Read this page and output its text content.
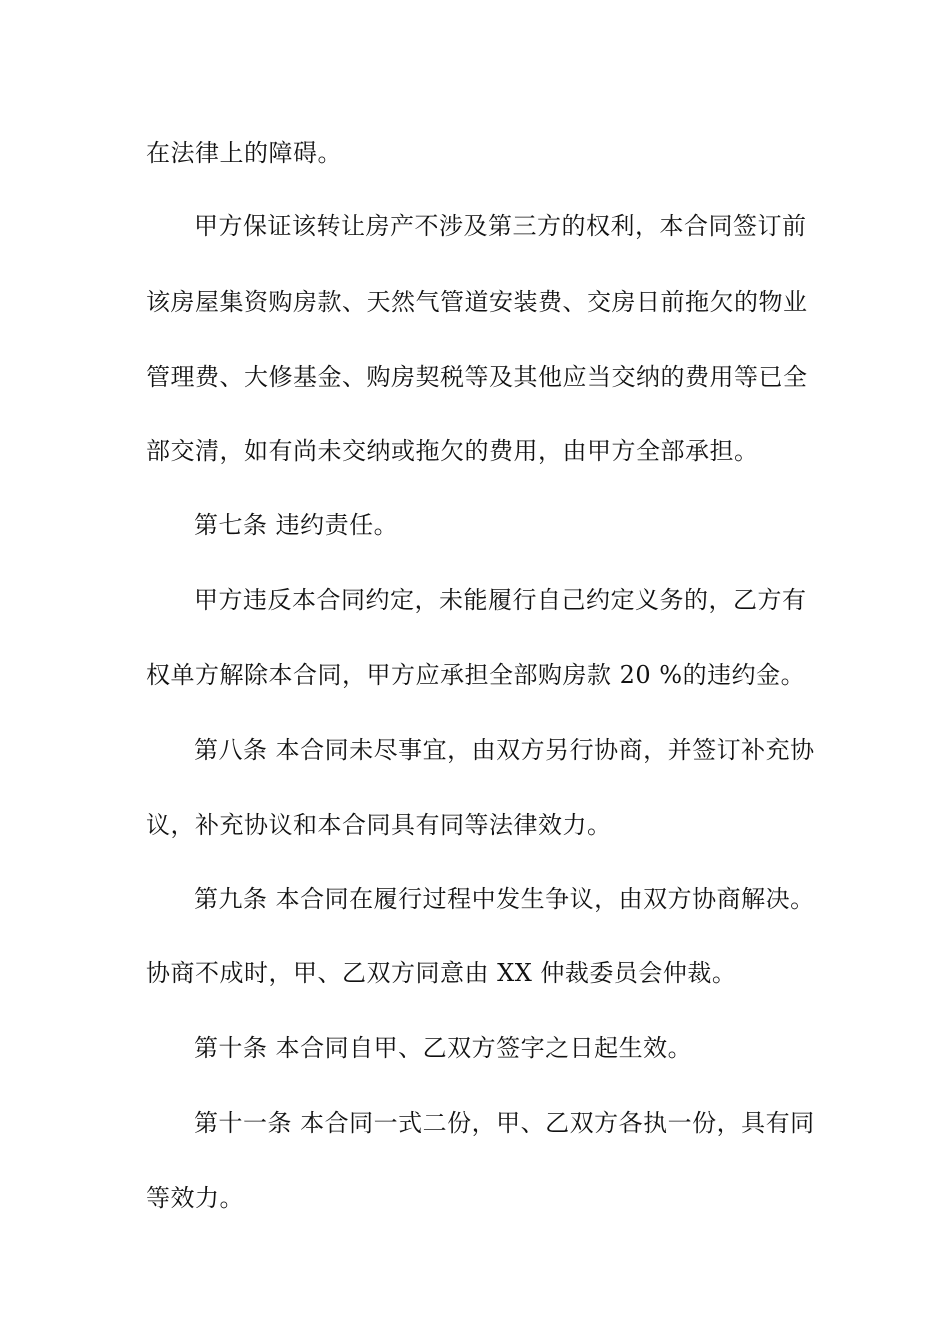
在法律上的障碍。
甲方保证该转让房产不涉及第三方的权利，本合同签订前
该房屋集资购房款、天然气管道安装费、交房日前拖欠的物业
管理费、大修基金、购房契税等及其他应当交纳的费用等已全
部交清，如有尚未交纳或拖欠的费用，由甲方全部承担。
第七条 违约责任。
甲方违反本合同约定，未能履行自己约定义务的，乙方有
权单方解除本合同，甲方应承担全部购房款 20 %的违约金。
第八条 本合同未尽事宜，由双方另行协商，并签订补充协
议，补充协议和本合同具有同等法律效力。
第九条 本合同在履行过程中发生争议，由双方协商解决。
协商不成时，甲、乙双方同意由 XX 仲裁委员会仲裁。
第十条 本合同自甲、乙双方签字之日起生效。
第十一条 本合同一式二份，甲、乙双方各执一份，具有同
等效力。
